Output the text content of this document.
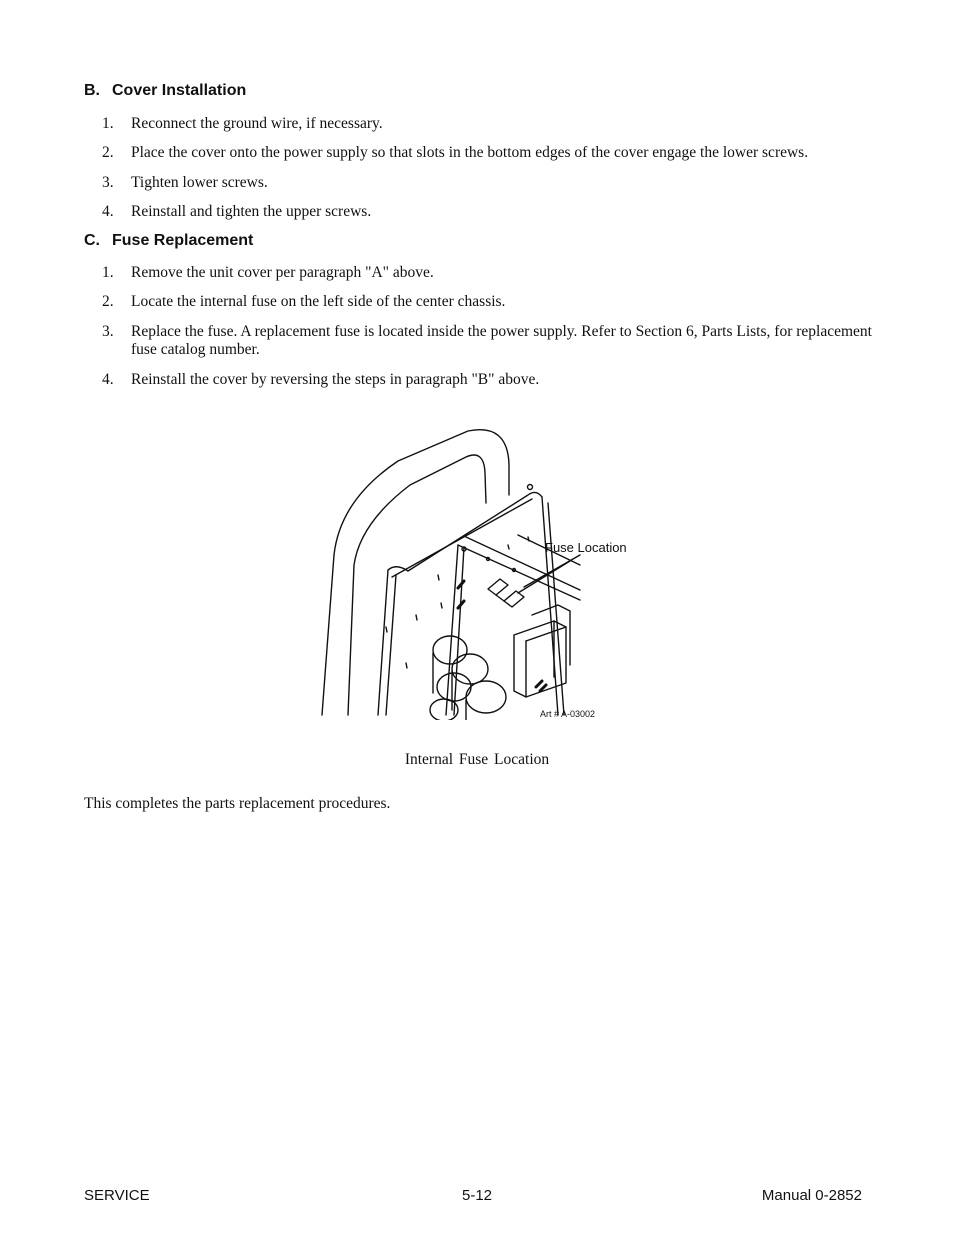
B. Cover Installation
1.	Reconnect the ground wire, if necessary.
2.	Place the cover onto the power supply so that slots in the bottom edges of the cover engage the lower screws.
3.	Tighten lower screws.
4.	Reinstall and tighten the upper screws.
C. Fuse Replacement
1.	Remove the unit cover per paragraph "A" above.
2.	Locate the internal fuse on the left side of the center chassis.
3.	Replace the fuse. A replacement fuse is located inside the power supply. Refer to Section 6, Parts Lists, for replacement fuse catalog number.
4.	Reinstall the cover by reversing the steps in paragraph "B" above.
Fuse Location
Art # A-03002
Internal Fuse Location
This completes the parts replacement procedures.
SERVICE	5-12	Manual 0-2852
